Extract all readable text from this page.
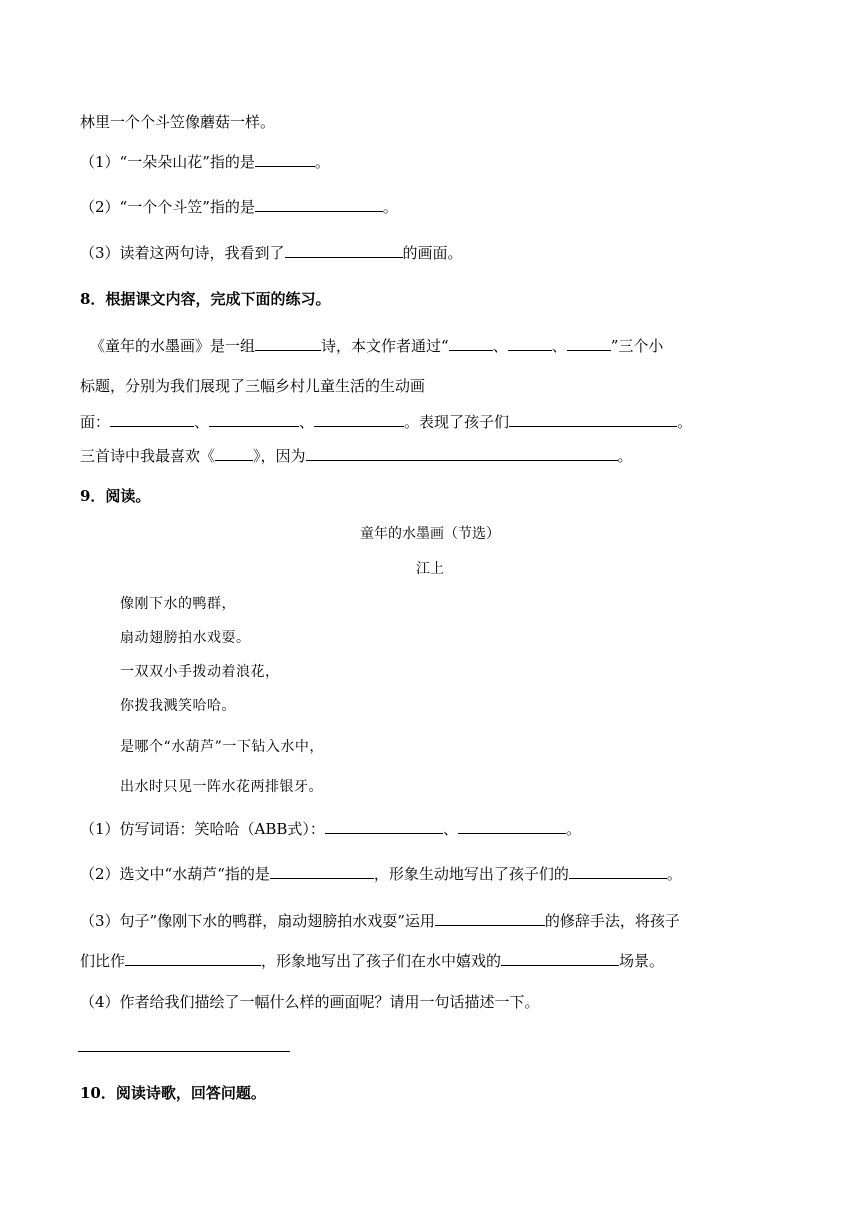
林里一个个斗笠像蘑菇一样。
（1）“一朵朵山花”指的是	。
（2）“一个个斗笠”指的是	。
（3）读着这两句诗，我看到了	的画面。
8．根据课文内容，完成下面的练习。
《童年的水墨画》是一组	诗，本文作者通过“	、	、	”三个小
标题，分别为我们展现了三幅乡村儿童生活的生动画
面：	、	、	。表现了孩子们	。
三首诗中我最喜欢《	》，因为	。
9．阅读。
童年的水墨画（节选）
江上
像刚下水的鸭群，
扇动翅膀拍水戏耍。
一双双小手拨动着浪花，
你拨我溅笑哈哈。
是哪个“水葫芦”一下钻入水中，
出水时只见一阵水花两排银牙。
（1）仿写词语：笑哈哈（ABB式）：	、	。
（2）选文中“水葫芦“指的是	，形象生动地写出了孩子们的	。
（3）句子”像刚下水的鸭群，扇动翅膀拍水戏耍”运用	的修辞手法，将孩子
们比作	，形象地写出了孩子们在水中嬉戏的	场景。
（4）作者给我们描绘了一幅什么样的画面呢？请用一句话描述一下。
10．阅读诗歌，回答问题。
